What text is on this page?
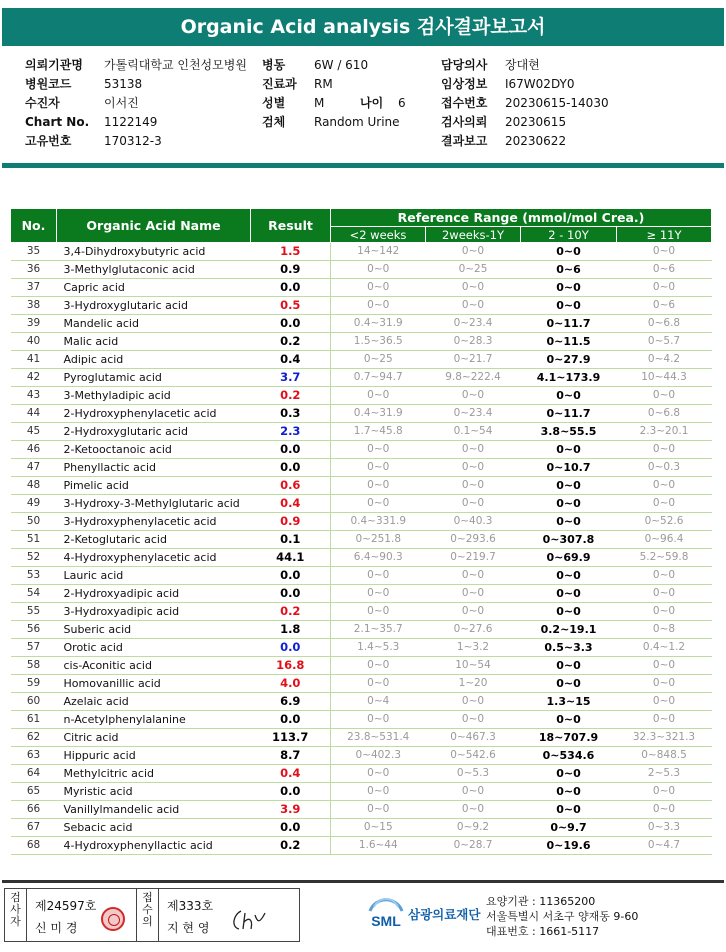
Organic Acid analysis 검사결과보고서
의뢰기관명 가톨릭대학교 인천성모병원
병원코드	53138
수진자	이서진
Chart No. 1122149
고유번호	170312-3
병동 6W / 610
진료과 RM
성별 M	나이 6
검체 Random Urine
담당의사 장대현
임상정보 I67W02DY0
접수번호 20230615-14030
검사의뢰 20230615
결과보고 20230622
No.	Organic Acid Name	Result	Reference Range (mmol/mol Crea.)			
			<2 weeks	2weeks-1Y	2 - 10Y	≥ 11Y
35	3,4-Dihydroxybutyric acid	1.5	14~142	0~0	0~0	0~0
36	3-Methylglutaconic acid	0.9	0~0	0~25	0~6	0~6
37	Capric acid	0.0	0~0	0~0	0~0	0~0
38	3-Hydroxyglutaric acid	0.5	0~0	0~0	0~0	0~6
39	Mandelic acid	0.0	0.4~31.9	0~23.4	0~11.7	0~6.8
40	Malic acid	0.2	1.5~36.5	0~28.3	0~11.5	0~5.7
41	Adipic acid	0.4	0~25	0~21.7	0~27.9	0~4.2
42	Pyroglutamic acid	3.7	0.7~94.7	9.8~222.4	4.1~173.9	10~44.3
43	3-Methyladipic acid	0.2	0~0	0~0	0~0	0~0
44	2-Hydroxyphenylacetic acid	0.3	0.4~31.9	0~23.4	0~11.7	0~6.8
45	2-Hydroxyglutaric acid	2.3	1.7~45.8	0.1~54	3.8~55.5	2.3~20.1
46	2-Ketooctanoic acid	0.0	0~0	0~0	0~0	0~0
47	Phenyllactic acid	0.0	0~0	0~0	0~10.7	0~0.3
48	Pimelic acid	0.6	0~0	0~0	0~0	0~0
49	3-Hydroxy-3-Methylglutaric acid	0.4	0~0	0~0	0~0	0~0
50	3-Hydroxyphenylacetic acid	0.9	0.4~331.9	0~40.3	0~0	0~52.6
51	2-Ketoglutaric acid	0.1	0~251.8	0~293.6	0~307.8	0~96.4
52	4-Hydroxyphenylacetic acid	44.1	6.4~90.3	0~219.7	0~69.9	5.2~59.8
53	Lauric acid	0.0	0~0	0~0	0~0	0~0
54	2-Hydroxyadipic acid	0.0	0~0	0~0	0~0	0~0
55	3-Hydroxyadipic acid	0.2	0~0	0~0	0~0	0~0
56	Suberic acid	1.8	2.1~35.7	0~27.6	0.2~19.1	0~8
57	Orotic acid	0.0	1.4~5.3	1~3.2	0.5~3.3	0.4~1.2
58	cis-Aconitic acid	16.8	0~0	10~54	0~0	0~0
59	Homovanillic acid	4.0	0~0	1~20	0~0	0~0
60	Azelaic acid	6.9	0~4	0~0	1.3~15	0~0
61	n-Acetylphenylalanine	0.0	0~0	0~0	0~0	0~0
62	Citric acid	113.7	23.8~531.4	0~467.3	18~707.9	32.3~321.3
63	Hippuric acid	8.7	0~402.3	0~542.6	0~534.6	0~848.5
64	Methylcitric acid	0.4	0~0	0~5.3	0~0	2~5.3
65	Myristic acid	0.0	0~0	0~0	0~0	0~0
66	Vanillylmandelic acid	3.9	0~0	0~0	0~0	0~0
67	Sebacic acid	0.0	0~15	0~9.2	0~9.7	0~3.3
68	4-Hydroxyphenyllactic acid	0.2	1.6~44	0~28.7	0~19.6	0~4.7
검사자
제24597호
신 미 경
접수의
제333호
지 현 영	SML 삼광의료재단
요양기관 : 11365200
서울특별시 서초구 양재동 9-60
대표번호 : 1661-5117
